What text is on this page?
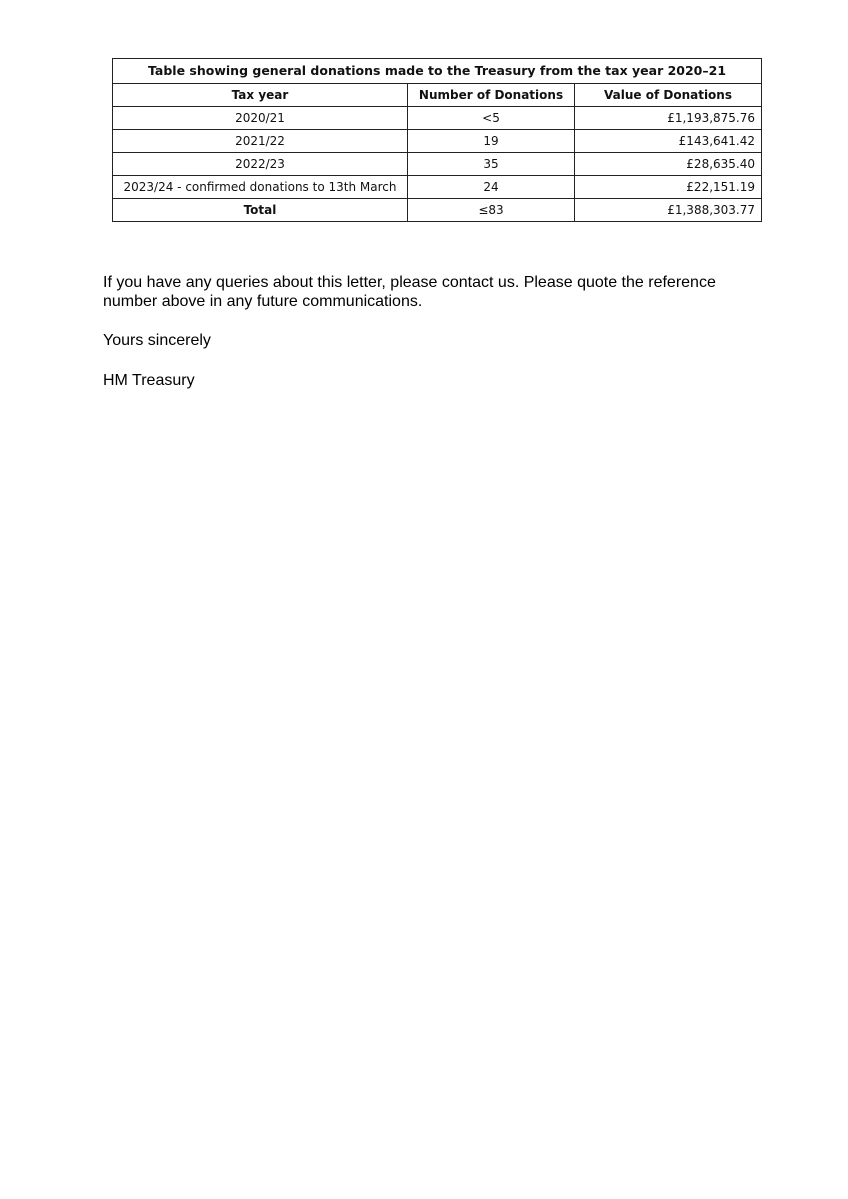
Table showing general donations made to the Treasury from the tax year 2020–21		
Tax year	Number of Donations	Value of Donations
2020/21	<5	£1,193,875.76
2021/22	19	£143,641.42
2022/23	35	£28,635.40
2023/24 - confirmed donations to 13th March	24	£22,151.19
Total	≤83	£1,388,303.77

If you have any queries about this letter, please contact us. Please quote the reference number above in any future communications.

Yours sincerely

HM Treasury
